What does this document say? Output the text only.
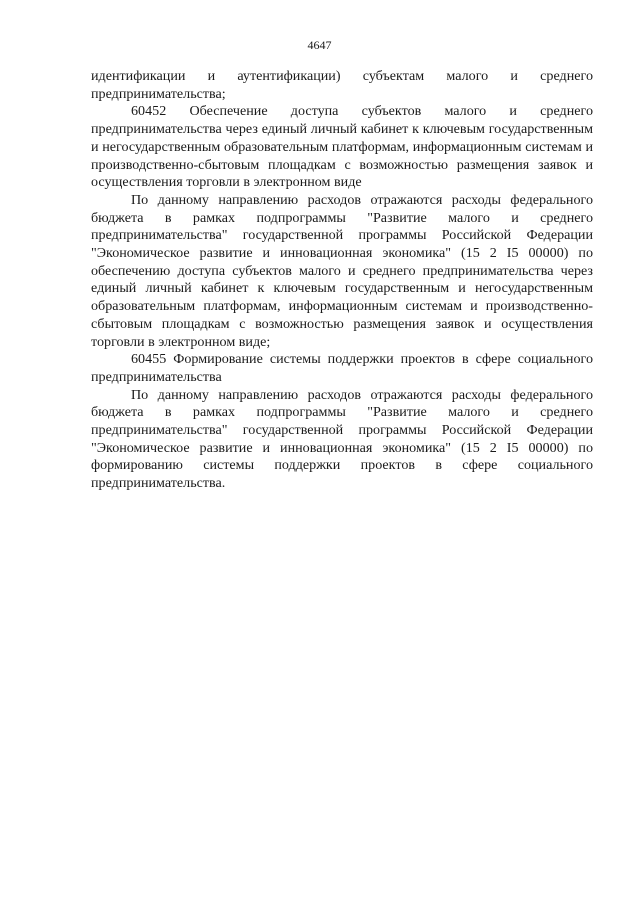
4647

идентификации и аутентификации) субъектам малого и среднего предпринимательства;

60452 Обеспечение доступа субъектов малого и среднего предпринимательства через единый личный кабинет к ключевым государственным и негосударственным образовательным платформам, информационным системам и производственно-сбытовым площадкам с возможностью размещения заявок и осуществления торговли в электронном виде

По данному направлению расходов отражаются расходы федерального бюджета в рамках подпрограммы "Развитие малого и среднего предпринимательства" государственной программы Российской Федерации "Экономическое развитие и инновационная экономика" (15 2 I5 00000) по обеспечению доступа субъектов малого и среднего предпринимательства через единый личный кабинет к ключевым государственным и негосударственным образовательным платформам, информационным системам и производственно-сбытовым площадкам с возможностью размещения заявок и осуществления торговли в электронном виде;

60455 Формирование системы поддержки проектов в сфере социального предпринимательства

По данному направлению расходов отражаются расходы федерального бюджета в рамках подпрограммы "Развитие малого и среднего предпринимательства" государственной программы Российской Федерации "Экономическое развитие и инновационная экономика" (15 2 I5 00000) по формированию системы поддержки проектов в сфере социального предпринимательства.
